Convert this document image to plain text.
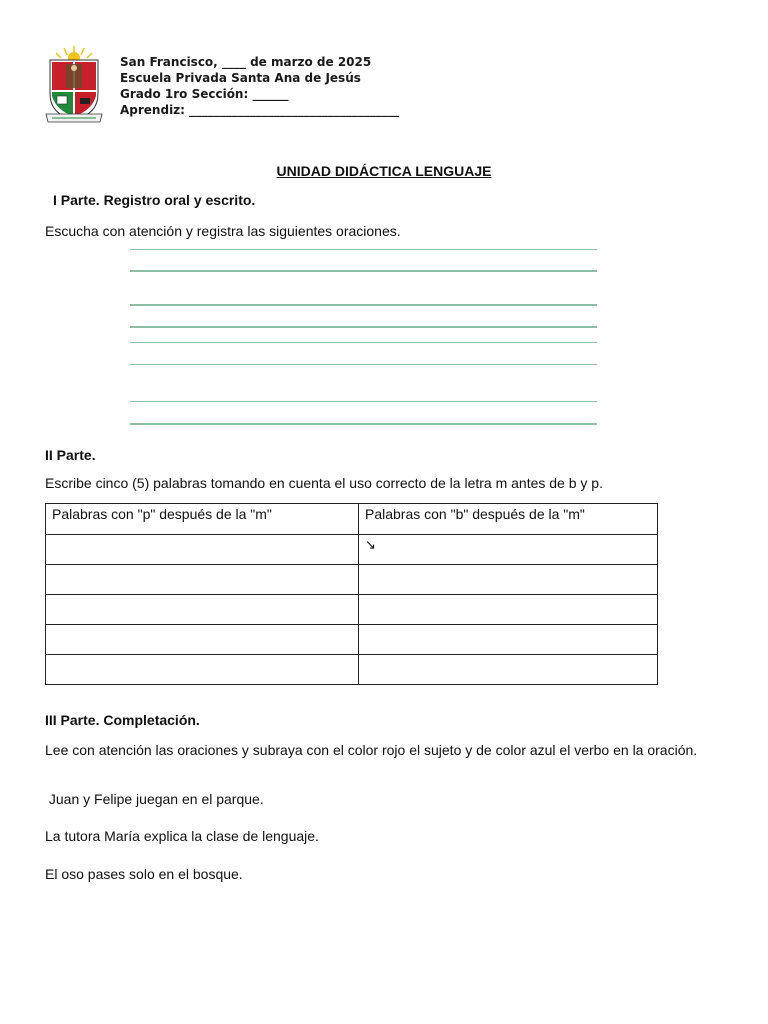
San Francisco, ____ de marzo de 2025
Escuela Privada Santa Ana de Jesús
Grado 1ro Sección: ______
Aprendiz: ___________________________________
UNIDAD DIDÁCTICA LENGUAJE
I Parte. Registro oral y escrito.
Escucha con atención y registra las siguientes oraciones.
II Parte.
Escribe cinco (5) palabras tomando en cuenta el uso correcto de la letra m antes de b y p.
Palabras con "p" después de la "m"	Palabras con "b" después de la "m"
	↘

III Parte. Completación.
Lee con atención las oraciones y subraya con el color rojo el sujeto y de color azul el verbo en la oración.
Juan y Felipe juegan en el parque.
La tutora María explica la clase de lenguaje.
El oso pases solo en el bosque.
